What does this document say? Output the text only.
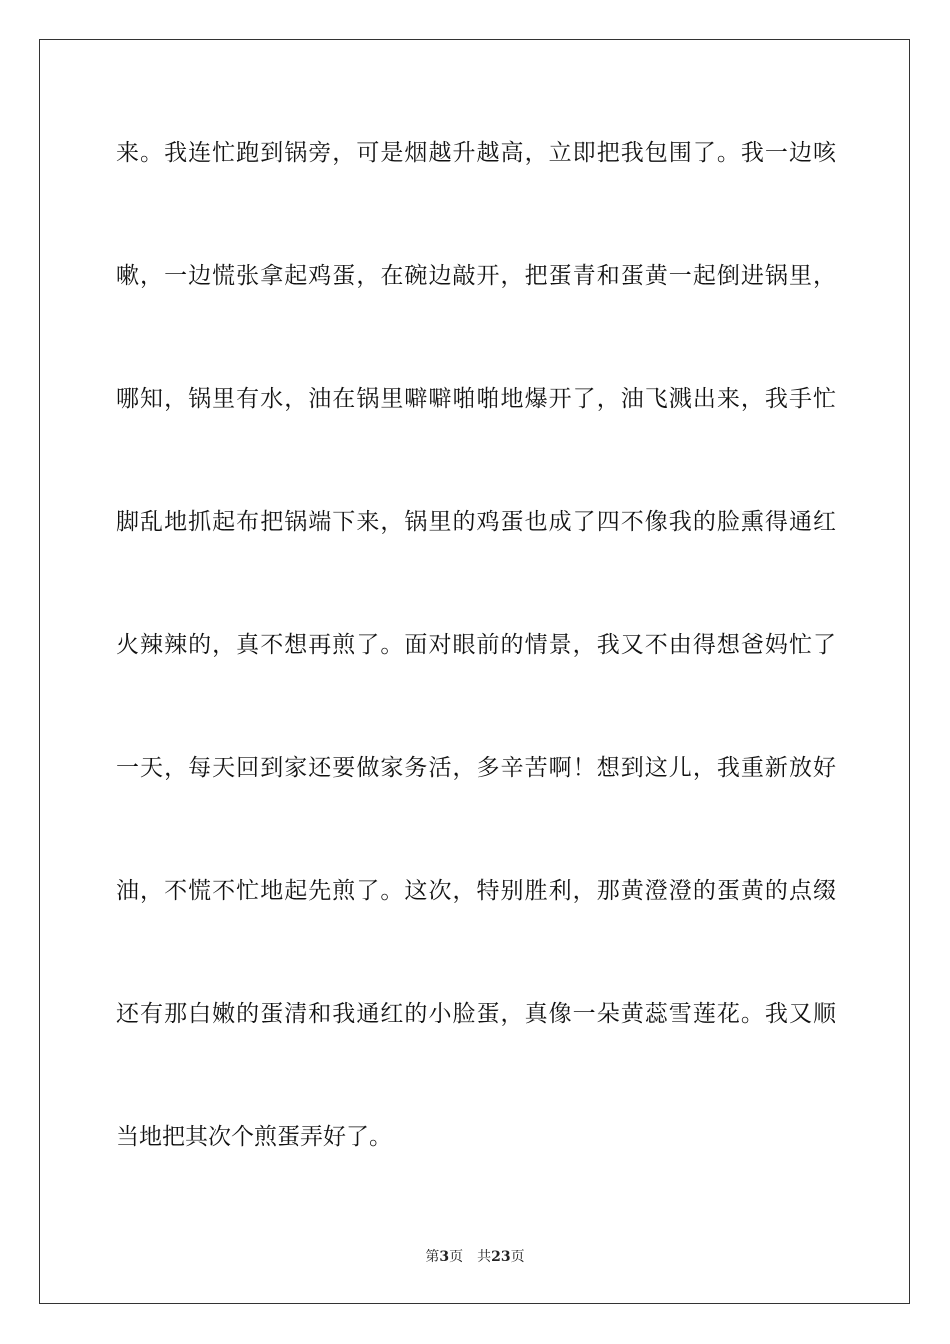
来。我连忙跑到锅旁，可是烟越升越高，立即把我包围了。我一边咳
嗽，一边慌张拿起鸡蛋，在碗边敲开，把蛋青和蛋黄一起倒进锅里，
哪知，锅里有水，油在锅里噼噼啪啪地爆开了，油飞溅出来，我手忙
脚乱地抓起布把锅端下来，锅里的鸡蛋也成了四不像我的脸熏得通红
火辣辣的，真不想再煎了。面对眼前的情景，我又不由得想爸妈忙了
一天，每天回到家还要做家务活，多辛苦啊！想到这儿，我重新放好
油，不慌不忙地起先煎了。这次，特别胜利，那黄澄澄的蛋黄的点缀
还有那白嫩的蛋清和我通红的小脸蛋，真像一朵黄蕊雪莲花。我又顺
当地把其次个煎蛋弄好了。
第3页 共23页
